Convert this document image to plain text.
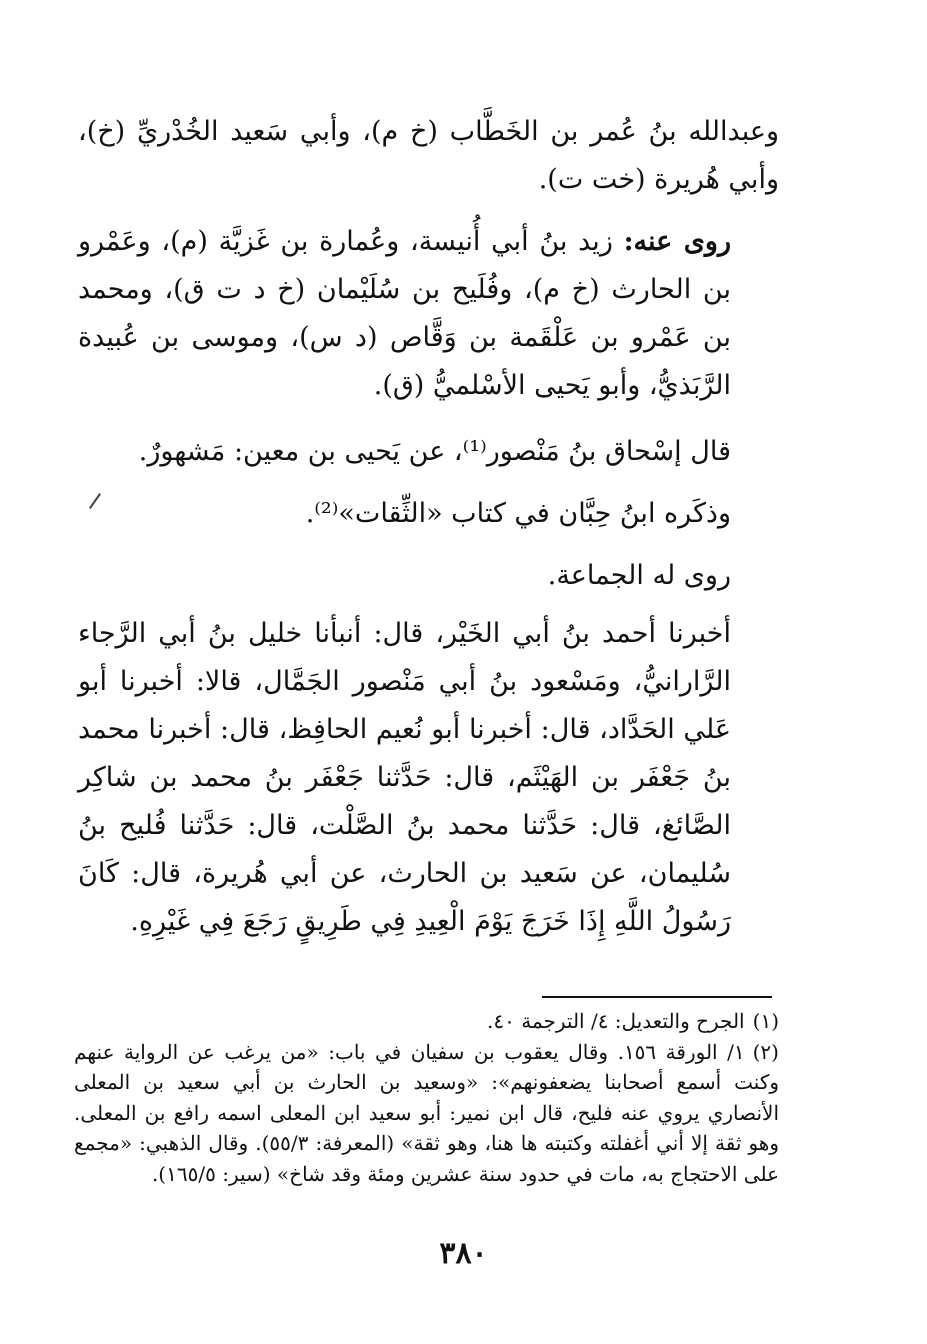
وعبدالله بنُ عُمر بن الخَطَّاب (خ م)، وأبي سَعيد الخُدْريِّ (خ)، وأبي هُريرة (خت ت).

روى عنه: زيد بنُ أبي أُنيسة، وعُمارة بن غَزيَّة (م)، وعَمْرو بن الحارث (خ م)، وفُلَيح بن سُلَيْمان (خ د ت ق)، ومحمد بن عَمْرو بن عَلْقَمة بن وَقَّاص (د س)، وموسى بن عُبيدة الرَّبَذيُّ، وأبو يَحيى الأسْلميُّ (ق).

قال إسْحاق بنُ مَنْصور⁽¹⁾، عن يَحيى بن معين: مَشهورٌ.

وذكَره ابنُ حِبَّان في كتاب «الثِّقات»⁽²⁾.

روى له الجماعة.

أخبرنا أحمد بنُ أبي الخَيْر، قال: أنبأنا خليل بنُ أبي الرَّجاء الرَّارانيُّ، ومَسْعود بنُ أبي مَنْصور الجَمَّال، قالا: أخبرنا أبو عَلي الحَدَّاد، قال: أخبرنا أبو نُعيم الحافِظ، قال: أخبرنا محمد بنُ جَعْفَر بن الهَيْثَم، قال: حَدَّثنا جَعْفَر بنُ محمد بن شاكِر الصَّائغ، قال: حَدَّثنا محمد بنُ الصَّلْت، قال: حَدَّثنا فُليح بنُ سُليمان، عن سَعيد بن الحارث، عن أبي هُريرة، قال: كَانَ رَسُولُ اللَّهِ إِذَا خَرَجَ يَوْمَ الْعِيدِ فِي طَرِيقٍ رَجَعَ فِي غَيْرِهِ.

(١)الجرح والتعديل: ٤/ الترجمة ٤٠.

(٢)١/ الورقة ١٥٦. وقال يعقوب بن سفيان في باب: «من يرغب عن الرواية عنهم وكنت أسمع أصحابنا يضعفونهم»: «وسعيد بن الحارث بن أبي سعيد بن المعلى الأنصاري يروي عنه فليح، قال ابن نمير: أبو سعيد ابن المعلى اسمه رافع بن المعلى. وهو ثقة إلا أني أغفلته وكتبته ها هنا، وهو ثقة» (المعرفة: ٥٥/٣). وقال الذهبي: «مجمع على الاحتجاج به، مات في حدود سنة عشرين ومئة وقد شاخ» (سير: ١٦٥/٥).

٣٨٠
